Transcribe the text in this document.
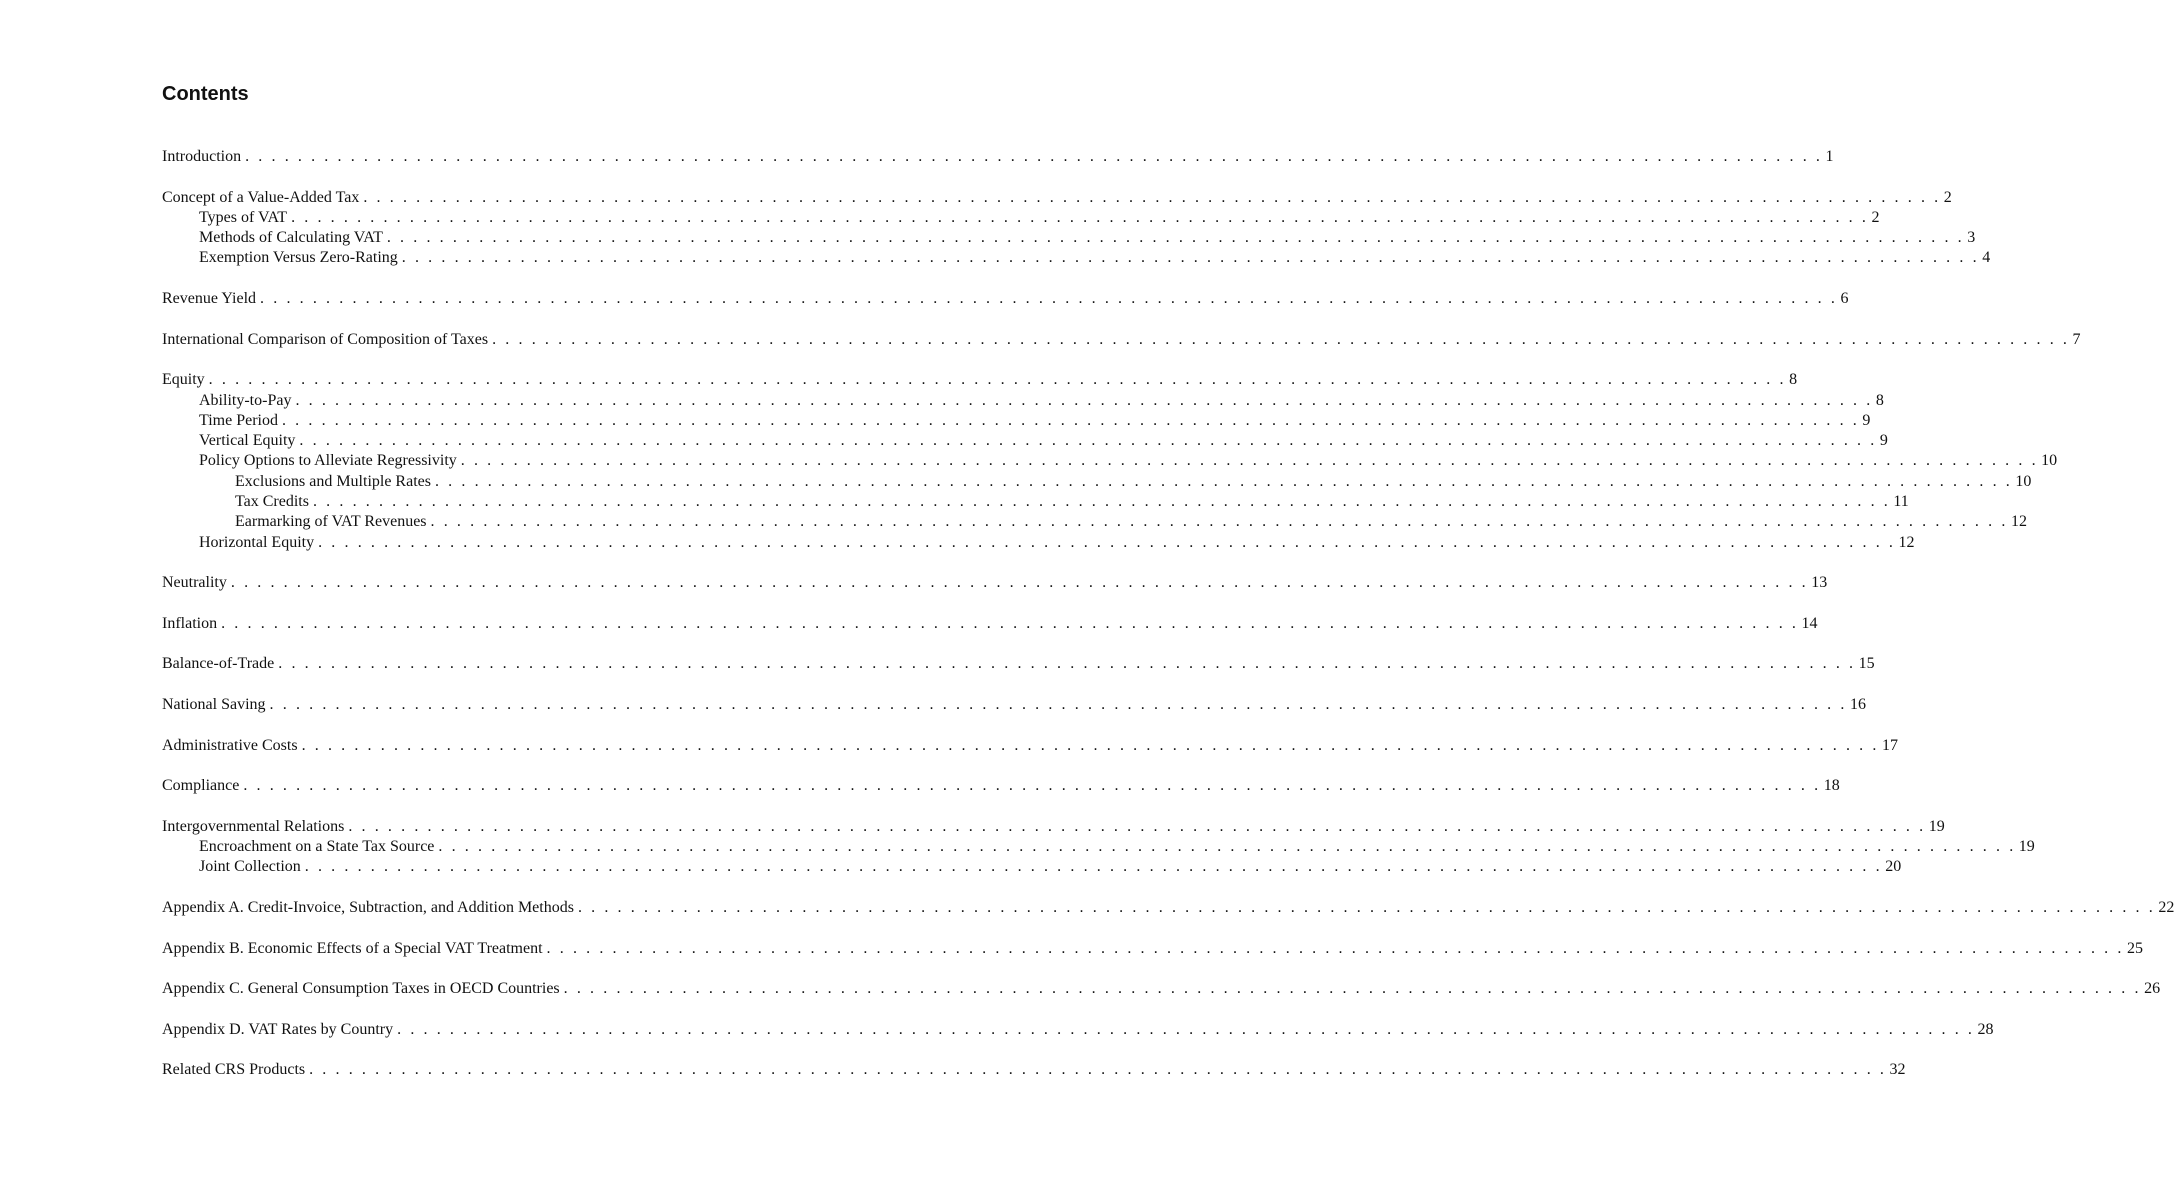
Contents
Introduction . . . . . . . . . . . . . . . . . . . . . . . . . . . . . . . . . . . . . . . . . . . . . . . . . . . . . . . . . . . . . . . . . . . . . . . . . . . . . . . . . . . . . . . . . . . . . . . . . . . . . . . . . . . . . . . . . . . . . . . . 1
Concept of a Value-Added Tax . . . . . . . . . . . . . . . . . . . . . . . . . . . . . . . . . . . . . . . . . . . . . . . . . . . . . . . . . . . . . . . . . . . . . . . . . . . . . . . . . . . . . . . . . . . . . . . . . . . . . . . . . . . . . . . . . . . . . . . . 2
Types of VAT . . . . . . . . . . . . . . . . . . . . . . . . . . . . . . . . . . . . . . . . . . . . . . . . . . . . . . . . . . . . . . . . . . . . . . . . . . . . . . . . . . . . . . . . . . . . . . . . . . . . . . . . . . . . . . . . . . . . . . . . 2
Methods of Calculating VAT . . . . . . . . . . . . . . . . . . . . . . . . . . . . . . . . . . . . . . . . . . . . . . . . . . . . . . . . . . . . . . . . . . . . . . . . . . . . . . . . . . . . . . . . . . . . . . . . . . . . . . . . . . . . . . . . . . . . . . . . 3
Exemption Versus Zero-Rating . . . . . . . . . . . . . . . . . . . . . . . . . . . . . . . . . . . . . . . . . . . . . . . . . . . . . . . . . . . . . . . . . . . . . . . . . . . . . . . . . . . . . . . . . . . . . . . . . . . . . . . . . . . . . . . . . . . . . . . . 4
Revenue Yield . . . . . . . . . . . . . . . . . . . . . . . . . . . . . . . . . . . . . . . . . . . . . . . . . . . . . . . . . . . . . . . . . . . . . . . . . . . . . . . . . . . . . . . . . . . . . . . . . . . . . . . . . . . . . . . . . . . . . . . . 6
International Comparison of Composition of Taxes . . . . . . . . . . . . . . . . . . . . . . . . . . . . . . . . . . . . . . . . . . . . . . . . . . . . . . . . . . . . . . . . . . . . . . . . . . . . . . . . . . . . . . . . . . . . . . . . . . . . . . . . . . . . . . . . . . . . . . . . 7
Equity . . . . . . . . . . . . . . . . . . . . . . . . . . . . . . . . . . . . . . . . . . . . . . . . . . . . . . . . . . . . . . . . . . . . . . . . . . . . . . . . . . . . . . . . . . . . . . . . . . . . . . . . . . . . . . . . . . . . . . . . 8
Ability-to-Pay . . . . . . . . . . . . . . . . . . . . . . . . . . . . . . . . . . . . . . . . . . . . . . . . . . . . . . . . . . . . . . . . . . . . . . . . . . . . . . . . . . . . . . . . . . . . . . . . . . . . . . . . . . . . . . . . . . . . . . . . 8
Time Period . . . . . . . . . . . . . . . . . . . . . . . . . . . . . . . . . . . . . . . . . . . . . . . . . . . . . . . . . . . . . . . . . . . . . . . . . . . . . . . . . . . . . . . . . . . . . . . . . . . . . . . . . . . . . . . . . . . . . . . . 9
Vertical Equity . . . . . . . . . . . . . . . . . . . . . . . . . . . . . . . . . . . . . . . . . . . . . . . . . . . . . . . . . . . . . . . . . . . . . . . . . . . . . . . . . . . . . . . . . . . . . . . . . . . . . . . . . . . . . . . . . . . . . . . . 9
Policy Options to Alleviate Regressivity . . . . . . . . . . . . . . . . . . . . . . . . . . . . . . . . . . . . . . . . . . . . . . . . . . . . . . . . . . . . . . . . . . . . . . . . . . . . . . . . . . . . . . . . . . . . . . . . . . . . . . . . . . . . . . . . . . . . . . . . 10
Exclusions and Multiple Rates . . . . . . . . . . . . . . . . . . . . . . . . . . . . . . . . . . . . . . . . . . . . . . . . . . . . . . . . . . . . . . . . . . . . . . . . . . . . . . . . . . . . . . . . . . . . . . . . . . . . . . . . . . . . . . . . . . . . . . . . 10
Tax Credits . . . . . . . . . . . . . . . . . . . . . . . . . . . . . . . . . . . . . . . . . . . . . . . . . . . . . . . . . . . . . . . . . . . . . . . . . . . . . . . . . . . . . . . . . . . . . . . . . . . . . . . . . . . . . . . . . . . . . . . . 11
Earmarking of VAT Revenues . . . . . . . . . . . . . . . . . . . . . . . . . . . . . . . . . . . . . . . . . . . . . . . . . . . . . . . . . . . . . . . . . . . . . . . . . . . . . . . . . . . . . . . . . . . . . . . . . . . . . . . . . . . . . . . . . . . . . . . . 12
Horizontal Equity . . . . . . . . . . . . . . . . . . . . . . . . . . . . . . . . . . . . . . . . . . . . . . . . . . . . . . . . . . . . . . . . . . . . . . . . . . . . . . . . . . . . . . . . . . . . . . . . . . . . . . . . . . . . . . . . . . . . . . . . 12
Neutrality . . . . . . . . . . . . . . . . . . . . . . . . . . . . . . . . . . . . . . . . . . . . . . . . . . . . . . . . . . . . . . . . . . . . . . . . . . . . . . . . . . . . . . . . . . . . . . . . . . . . . . . . . . . . . . . . . . . . . . . . 13
Inflation . . . . . . . . . . . . . . . . . . . . . . . . . . . . . . . . . . . . . . . . . . . . . . . . . . . . . . . . . . . . . . . . . . . . . . . . . . . . . . . . . . . . . . . . . . . . . . . . . . . . . . . . . . . . . . . . . . . . . . . . 14
Balance-of-Trade . . . . . . . . . . . . . . . . . . . . . . . . . . . . . . . . . . . . . . . . . . . . . . . . . . . . . . . . . . . . . . . . . . . . . . . . . . . . . . . . . . . . . . . . . . . . . . . . . . . . . . . . . . . . . . . . . . . . . . . . 15
National Saving . . . . . . . . . . . . . . . . . . . . . . . . . . . . . . . . . . . . . . . . . . . . . . . . . . . . . . . . . . . . . . . . . . . . . . . . . . . . . . . . . . . . . . . . . . . . . . . . . . . . . . . . . . . . . . . . . . . . . . . . 16
Administrative Costs . . . . . . . . . . . . . . . . . . . . . . . . . . . . . . . . . . . . . . . . . . . . . . . . . . . . . . . . . . . . . . . . . . . . . . . . . . . . . . . . . . . . . . . . . . . . . . . . . . . . . . . . . . . . . . . . . . . . . . . . 17
Compliance . . . . . . . . . . . . . . . . . . . . . . . . . . . . . . . . . . . . . . . . . . . . . . . . . . . . . . . . . . . . . . . . . . . . . . . . . . . . . . . . . . . . . . . . . . . . . . . . . . . . . . . . . . . . . . . . . . . . . . . . 18
Intergovernmental Relations . . . . . . . . . . . . . . . . . . . . . . . . . . . . . . . . . . . . . . . . . . . . . . . . . . . . . . . . . . . . . . . . . . . . . . . . . . . . . . . . . . . . . . . . . . . . . . . . . . . . . . . . . . . . . . . . . . . . . . . . 19
Encroachment on a State Tax Source . . . . . . . . . . . . . . . . . . . . . . . . . . . . . . . . . . . . . . . . . . . . . . . . . . . . . . . . . . . . . . . . . . . . . . . . . . . . . . . . . . . . . . . . . . . . . . . . . . . . . . . . . . . . . . . . . . . . . . . . 19
Joint Collection . . . . . . . . . . . . . . . . . . . . . . . . . . . . . . . . . . . . . . . . . . . . . . . . . . . . . . . . . . . . . . . . . . . . . . . . . . . . . . . . . . . . . . . . . . . . . . . . . . . . . . . . . . . . . . . . . . . . . . . . 20
Appendix A. Credit-Invoice, Subtraction, and Addition Methods . . . . . . . . . . . . . . . . . . . . . . . . . . . . . . . . . . . . . . . . . . . . . . . . . . . . . . . . . . . . . . . . . . . . . . . . . . . . . . . . . . . . . . . . . . . . . . . . . . . . . . . . . . . . . . . . . . . . . . . . 22
Appendix B. Economic Effects of a Special VAT Treatment . . . . . . . . . . . . . . . . . . . . . . . . . . . . . . . . . . . . . . . . . . . . . . . . . . . . . . . . . . . . . . . . . . . . . . . . . . . . . . . . . . . . . . . . . . . . . . . . . . . . . . . . . . . . . . . . . . . . . . . . 25
Appendix C. General Consumption Taxes in OECD Countries . . . . . . . . . . . . . . . . . . . . . . . . . . . . . . . . . . . . . . . . . . . . . . . . . . . . . . . . . . . . . . . . . . . . . . . . . . . . . . . . . . . . . . . . . . . . . . . . . . . . . . . . . . . . . . . . . . . . . . . . 26
Appendix D. VAT Rates by Country . . . . . . . . . . . . . . . . . . . . . . . . . . . . . . . . . . . . . . . . . . . . . . . . . . . . . . . . . . . . . . . . . . . . . . . . . . . . . . . . . . . . . . . . . . . . . . . . . . . . . . . . . . . . . . . . . . . . . . . . 28
Related CRS Products . . . . . . . . . . . . . . . . . . . . . . . . . . . . . . . . . . . . . . . . . . . . . . . . . . . . . . . . . . . . . . . . . . . . . . . . . . . . . . . . . . . . . . . . . . . . . . . . . . . . . . . . . . . . . . . . . . . . . . . . 32
